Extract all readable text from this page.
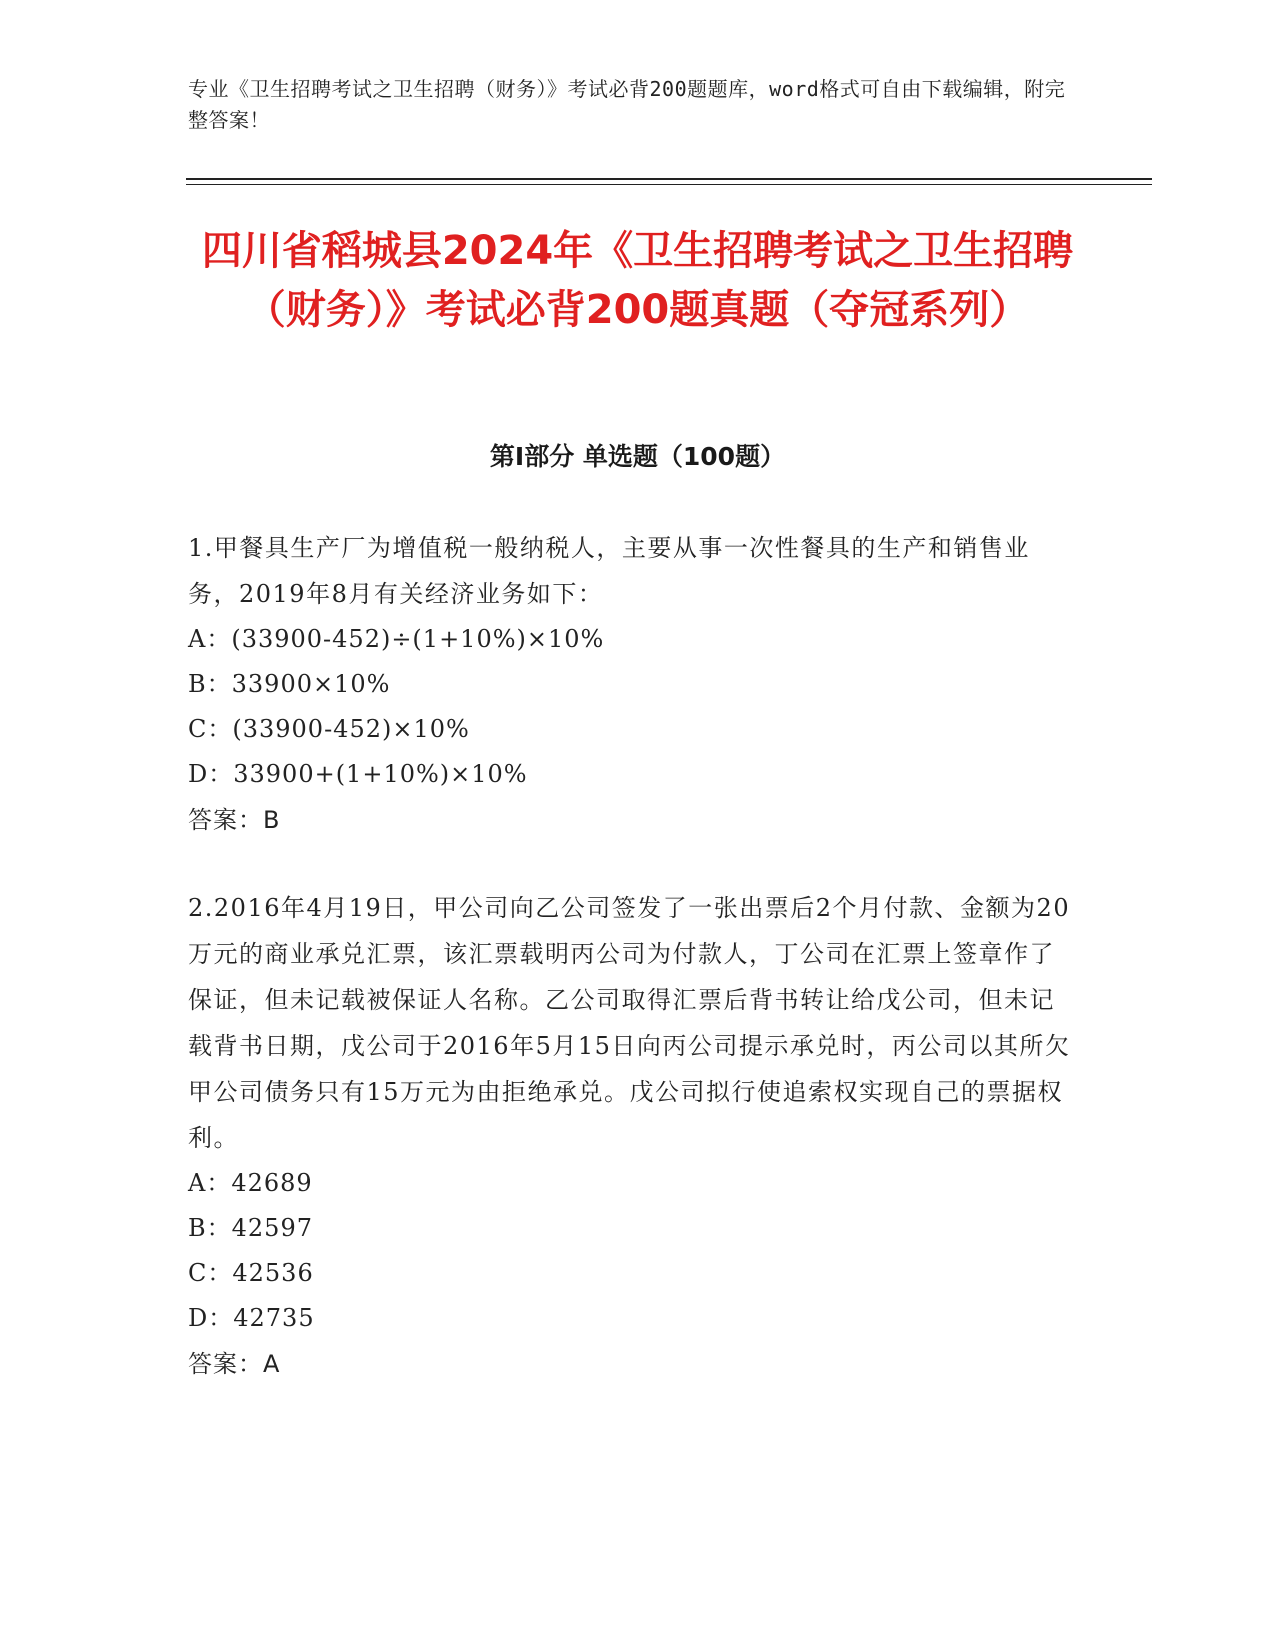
专业《卫生招聘考试之卫生招聘（财务）》考试必背200题题库，word格式可自由下载编辑，附完整答案！
四川省稻城县2024年《卫生招聘考试之卫生招聘（财务）》考试必背200题真题（夺冠系列）
第I部分 单选题（100题）
1.甲餐具生产厂为增值税一般纳税人，主要从事一次性餐具的生产和销售业务，2019年8月有关经济业务如下：
A：(33900-452)÷(1+10%)×10%
B：33900×10%
C：(33900-452)×10%
D：33900+(1+10%)×10%
答案：B
2.2016年4月19日，甲公司向乙公司签发了一张出票后2个月付款、金额为20万元的商业承兑汇票，该汇票载明丙公司为付款人，丁公司在汇票上签章作了保证，但未记载被保证人名称。乙公司取得汇票后背书转让给戊公司，但未记载背书日期，戊公司于2016年5月15日向丙公司提示承兑时，丙公司以其所欠甲公司债务只有15万元为由拒绝承兑。戊公司拟行使追索权实现自己的票据权利。
A：42689
B：42597
C：42536
D：42735
答案：A
